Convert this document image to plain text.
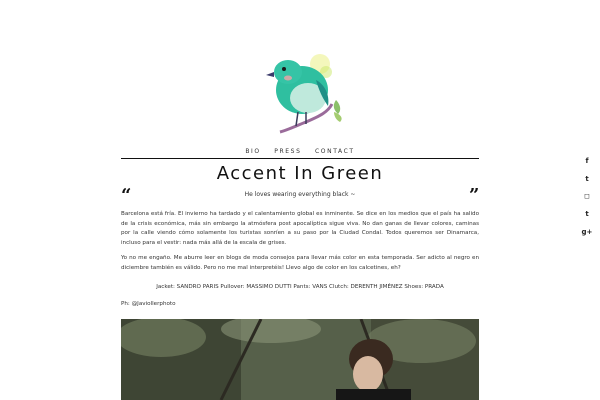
BIO PRESS CONTACT
Accent In Green
“	He loves wearing everything black ~	”
Barcelona está fría. El invierno ha tardado y el calentamiento global es inminente. Se dice en los medios que el país ha salido de la crisis económica, más sin embargo la atmósfera post apocalíptica sigue viva. No dan ganas de llevar colores, caminas por la calle viendo cómo solamente los turistas sonríen a su paso por la Ciudad Condal. Todos queremos ser Dinamarca, incluso para el vestir: nada más allá de la escala de grises.
Yo no me engaño. Me aburre leer en blogs de moda consejos para llevar más color en esta temporada. Ser adicto al negro en diciembre también es válido. Pero no me mal interpretéis! Llevo algo de color en los calcetines, eh?
Jacket: SANDRO PARIS Pullover: MASSIMO DUTTI Pants: VANS Clutch: DERENTH JIMÉNEZ Shoes: PRADA
Ph: @Javiollerphoto
f
t
◻
t
g+
